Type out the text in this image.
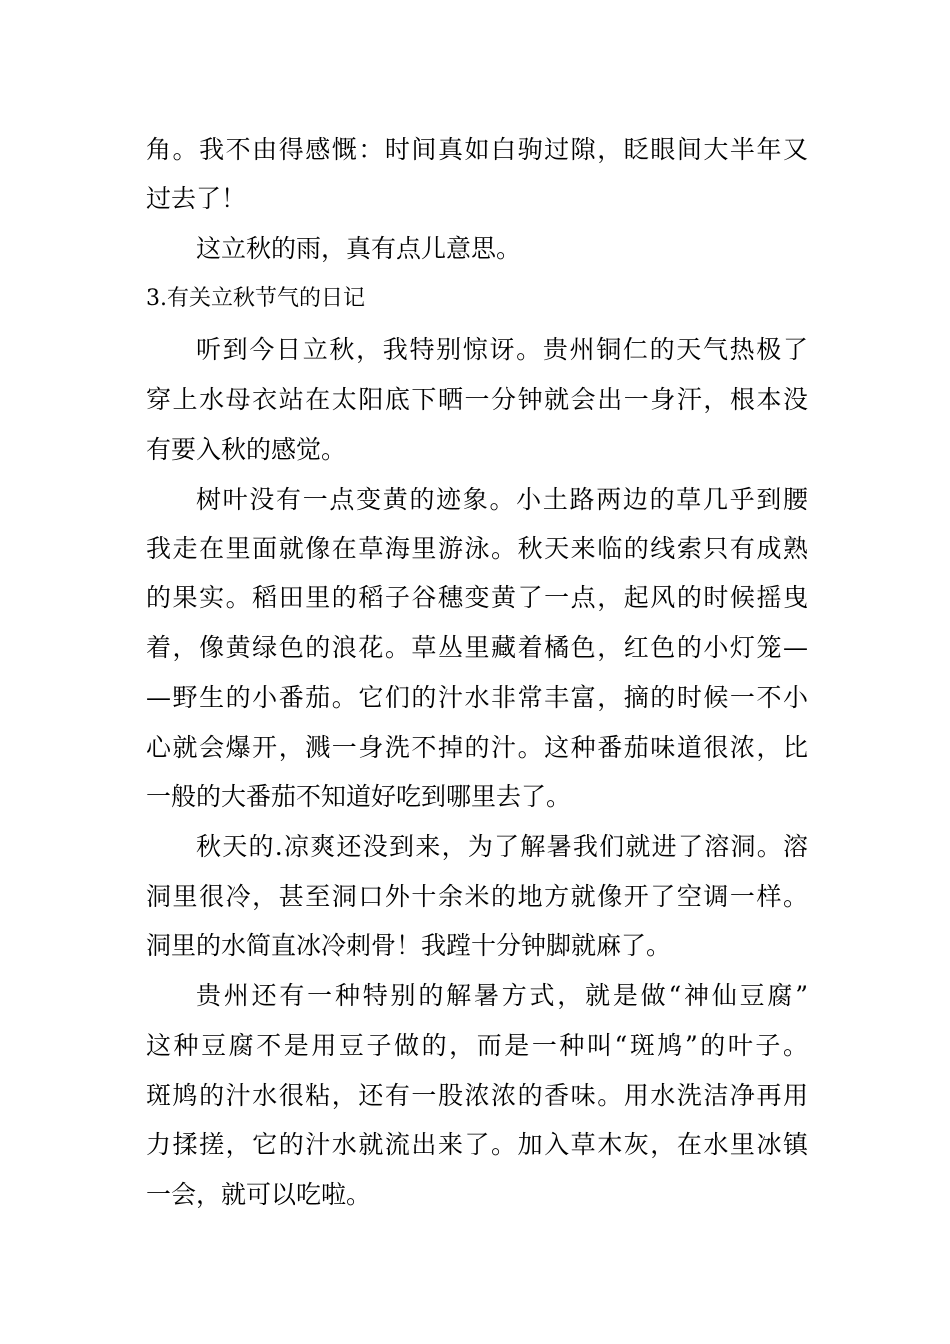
角。我不由得感慨：时间真如白驹过隙，眨眼间大半年又
过去了！
这立秋的雨，真有点儿意思。
3.有关立秋节气的日记
听到今日立秋，我特别惊讶。贵州铜仁的天气热极了
穿上水母衣站在太阳底下晒一分钟就会出一身汗，根本没
有要入秋的感觉。
树叶没有一点变黄的迹象。小土路两边的草几乎到腰
我走在里面就像在草海里游泳。秋天来临的线索只有成熟
的果实。稻田里的稻子谷穗变黄了一点，起风的时候摇曳
着，像黄绿色的浪花。草丛里藏着橘色，红色的小灯笼—
—野生的小番茄。它们的汁水非常丰富，摘的时候一不小
心就会爆开，溅一身洗不掉的汁。这种番茄味道很浓，比
一般的大番茄不知道好吃到哪里去了。
秋天的.凉爽还没到来，为了解暑我们就进了溶洞。溶
洞里很冷，甚至洞口外十余米的地方就像开了空调一样。
洞里的水简直冰冷刺骨！我蹚十分钟脚就麻了。
贵州还有一种特别的解暑方式，就是做“神仙豆腐”
这种豆腐不是用豆子做的，而是一种叫“斑鸠”的叶子。
斑鸠的汁水很粘，还有一股浓浓的香味。用水洗洁净再用
力揉搓，它的汁水就流出来了。加入草木灰，在水里冰镇
一会，就可以吃啦。
